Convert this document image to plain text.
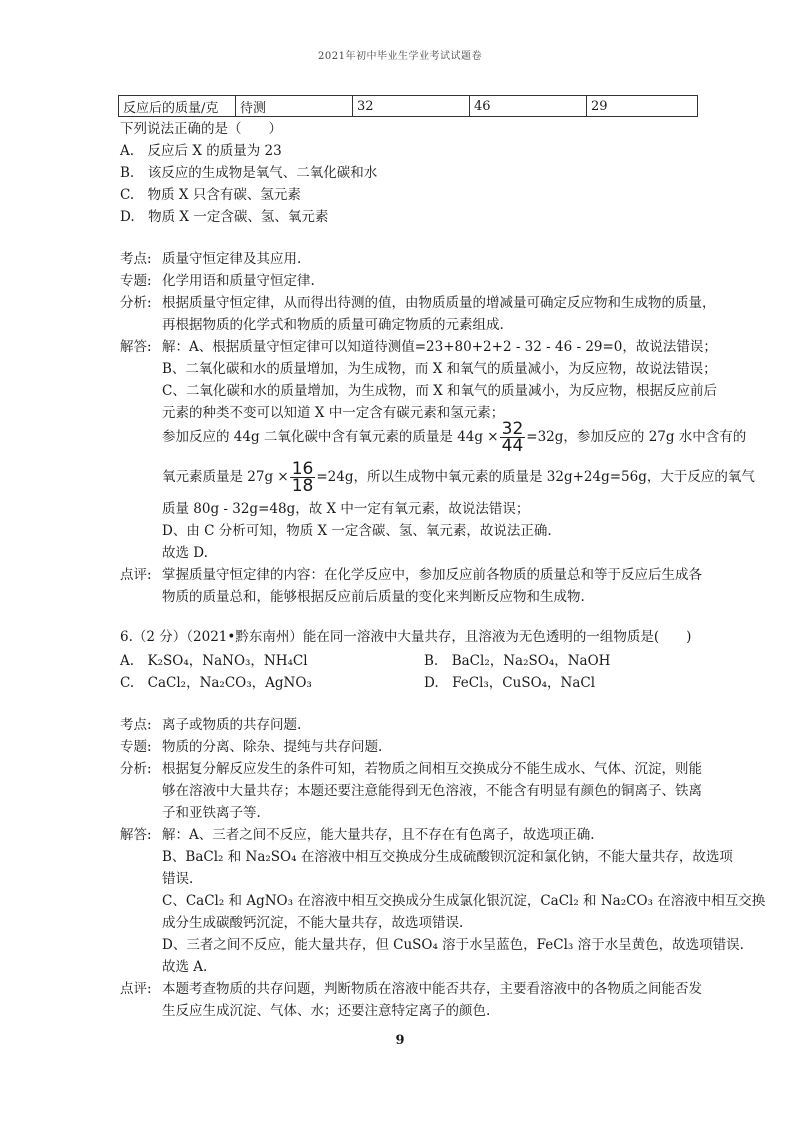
2021年初中毕业生学业考试试题卷
反应后的质量/克	待测	32	46	29
下列说法正确的是（　　）
A.　反应后 X 的质量为 23
B.　该反应的生成物是氧气、二氧化碳和水
C.　物质 X 只含有碳、氢元素
D.　物质 X 一定含碳、氢、氧元素
考点: 质量守恒定律及其应用.
专题: 化学用语和质量守恒定律.
分析: 根据质量守恒定律，从而得出待测的值，由物质质量的增减量可确定反应物和生成物的质量，
再根据物质的化学式和物质的质量可确定物质的元素组成.
解答: 解：A、根据质量守恒定律可以知道待测值=23+80+2+2 - 32 - 46 - 29=0，故说法错误；
B、二氧化碳和水的质量增加，为生成物，而 X 和氧气的质量减小，为反应物，故说法错误；
C、二氧化碳和水的质量增加，为生成物，而 X 和氧气的质量减小，为反应物，根据反应前后
元素的种类不变可以知道 X 中一定含有碳元素和氢元素；
参加反应的 44g 二氧化碳中含有氧元素的质量是 $44g \times \frac{32}{44} =32g$，参加反应的 27g 水中含有的
氧元素质量是 $27g \times \frac{16}{18} =24g$，所以生成物中氧元素的质量是 32g+24g=56g，大于反应的氧气
质量 80g - 32g=48g，故 X 中一定有氧元素，故说法错误；
D、由 C 分析可知，物质 X 一定含碳、氢、氧元素，故说法正确.
故选 D.
点评: 掌握质量守恒定律的内容：在化学反应中，参加反应前各物质的质量总和等于反应后生成各
物质的质量总和，能够根据反应前后质量的变化来判断反应物和生成物.
6.（2 分）（2021•黔东南州）能在同一溶液中大量共存，且溶液为无色透明的一组物质是(　　)
A.　K₂SO₄，NaNO₃，NH₄Cl	B.　BaCl₂，Na₂SO₄，NaOH
C.　CaCl₂，Na₂CO₃，AgNO₃	D.　FeCl₃，CuSO₄，NaCl
考点: 离子或物质的共存问题.
专题: 物质的分离、除杂、提纯与共存问题.
分析: 根据复分解反应发生的条件可知，若物质之间相互交换成分不能生成水、气体、沉淀，则能
够在溶液中大量共存；本题还要注意能得到无色溶液，不能含有明显有颜色的铜离子、铁离
子和亚铁离子等.
解答: 解：A、三者之间不反应，能大量共存，且不存在有色离子，故选项正确.
B、BaCl₂ 和 Na₂SO₄ 在溶液中相互交换成分生成硫酸钡沉淀和氯化钠，不能大量共存，故选项
错误.
C、CaCl₂ 和 AgNO₃ 在溶液中相互交换成分生成氯化银沉淀，CaCl₂ 和 Na₂CO₃ 在溶液中相互交换
成分生成碳酸钙沉淀，不能大量共存，故选项错误.
D、三者之间不反应，能大量共存，但 CuSO₄ 溶于水呈蓝色，FeCl₃ 溶于水呈黄色，故选项错误.
故选 A.
点评: 本题考查物质的共存问题，判断物质在溶液中能否共存，主要看溶液中的各物质之间能否发
生反应生成沉淀、气体、水；还要注意特定离子的颜色.
9
